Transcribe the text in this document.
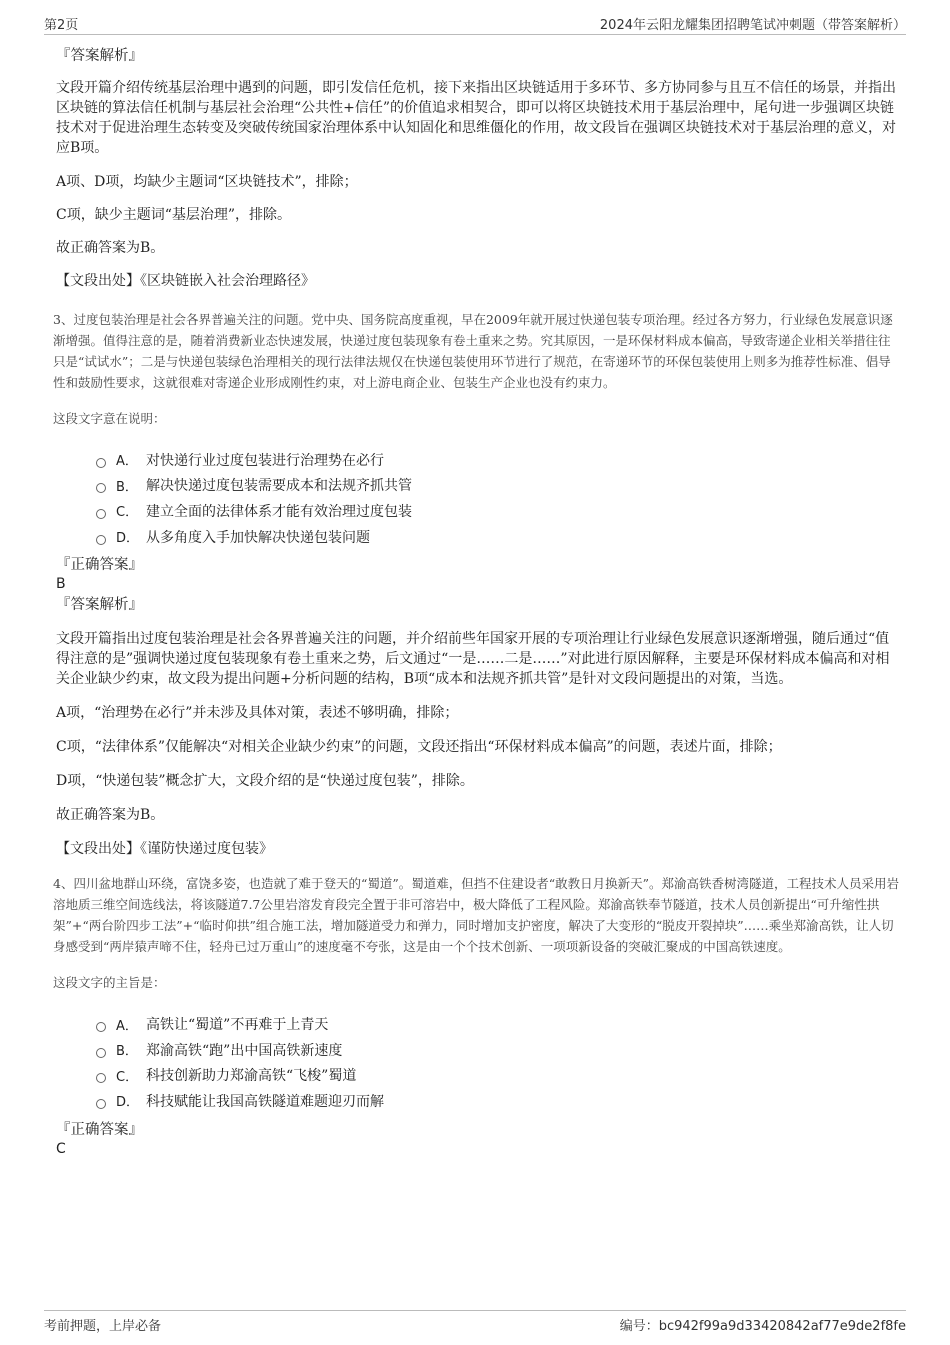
第2页	2024年云阳龙耀集团招聘笔试冲刺题（带答案解析）
『答案解析』
文段开篇介绍传统基层治理中遇到的问题，即引发信任危机，接下来指出区块链适用于多环节、多方协同参与且互不信任的场景，并指出区块链的算法信任机制与基层社会治理“公共性+信任”的价值追求相契合，即可以将区块链技术用于基层治理中，尾句进一步强调区块链技术对于促进治理生态转变及突破传统国家治理体系中认知固化和思维僵化的作用，故文段旨在强调区块链技术对于基层治理的意义，对应B项。
A项、D项，均缺少主题词“区块链技术”，排除；
C项，缺少主题词“基层治理”，排除。
故正确答案为B。
【文段出处】《区块链嵌入社会治理路径》
3、过度包装治理是社会各界普遍关注的问题。党中央、国务院高度重视，早在2009年就开展过快递包装专项治理。经过各方努力，行业绿色发展意识逐渐增强。值得注意的是，随着消费新业态快速发展，快递过度包装现象有卷土重来之势。究其原因，一是环保材料成本偏高，导致寄递企业相关举措往往只是“试试水”；二是与快递包装绿色治理相关的现行法律法规仅在快递包装使用环节进行了规范，在寄递环节的环保包装使用上则多为推荐性标准、倡导性和鼓励性要求，这就很难对寄递企业形成刚性约束，对上游电商企业、包装生产企业也没有约束力。
这段文字意在说明：
A． 对快递行业过度包装进行治理势在必行
B． 解决快递过度包装需要成本和法规齐抓共管
C． 建立全面的法律体系才能有效治理过度包装
D． 从多角度入手加快解决快递包装问题
『正确答案』
B
『答案解析』
文段开篇指出过度包装治理是社会各界普遍关注的问题，并介绍前些年国家开展的专项治理让行业绿色发展意识逐渐增强，随后通过“值得注意的是”强调快递过度包装现象有卷土重来之势，后文通过“一是……二是……”对此进行原因解释，主要是环保材料成本偏高和对相关企业缺少约束，故文段为提出问题+分析问题的结构，B项“成本和法规齐抓共管”是针对文段问题提出的对策，当选。
A项，“治理势在必行”并未涉及具体对策，表述不够明确，排除；
C项，“法律体系”仅能解决“对相关企业缺少约束”的问题，文段还指出“环保材料成本偏高”的问题，表述片面，排除；
D项，“快递包装”概念扩大，文段介绍的是“快递过度包装”，排除。
故正确答案为B。
【文段出处】《谨防快递过度包装》
4、四川盆地群山环绕，富饶多姿，也造就了难于登天的“蜀道”。蜀道难，但挡不住建设者“敢教日月换新天”。郑渝高铁香树湾隧道，工程技术人员采用岩溶地质三维空间选线法，将该隧道7.7公里岩溶发育段完全置于非可溶岩中，极大降低了工程风险。郑渝高铁奉节隧道，技术人员创新提出“可升缩性拱架”+“两台阶四步工法”+“临时仰拱”组合施工法，增加隧道受力和弹力，同时增加支护密度，解决了大变形的“脱皮开裂掉块”……乘坐郑渝高铁，让人切身感受到“两岸猿声啼不住，轻舟已过万重山”的速度毫不夸张，这是由一个个技术创新、一项项新设备的突破汇聚成的中国高铁速度。
这段文字的主旨是：
A． 高铁让“蜀道”不再难于上青天
B． 郑渝高铁“跑”出中国高铁新速度
C． 科技创新助力郑渝高铁“飞梭”蜀道
D． 科技赋能让我国高铁隧道难题迎刃而解
『正确答案』
C
考前押题，上岸必备	编号：bc942f99a9d33420842af77e9de2f8fe
